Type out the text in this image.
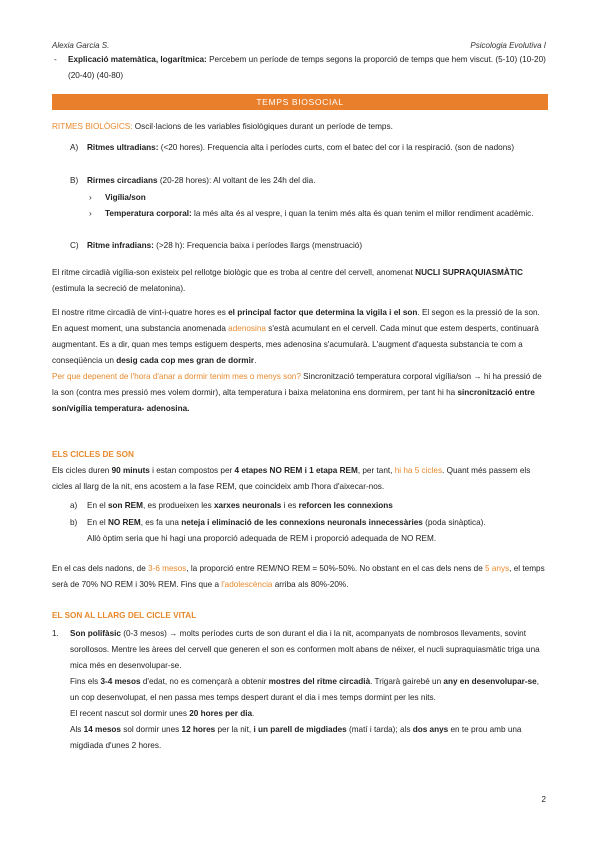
Alexia Garcia S.	Psicologia Evolutiva I
-	Explicació matemàtica, logarítmica: Percebem un període de temps segons la proporció de temps que hem viscut. (5-10) (10-20) (20-40) (40-80)
TEMPS BIOSOCIAL
RITMES BIOLÒGICS: Oscil·lacions de les variables fisiològiques durant un període de temps.
A)	Ritmes ultradians: (<20 hores). Frequencia alta i períodes curts, com el batec del cor i la respiració. (son de nadons)
B)	Rirmes circadians (20-28 hores): Al voltant de les 24h del dia.
›	Vigília/son
›	Temperatura corporal: la més alta és al vespre, i quan la tenim més alta és quan tenim el millor rendiment acadèmic.
C)	Ritme infradians: (>28 h): Frequencia baixa i períodes llargs (menstruació)
El ritme circadià vigília-son existeix pel rellotge biològic que es troba al centre del cervell, anomenat NUCLI SUPRAQUIASMÀTIC (estimula la secreció de melatonina).
El nostre ritme circadià de vint-i-quatre hores es el principal factor que determina la vigila i el son. El segon es la pressió de la son. En aquest moment, una substancia anomenada adenosina s'està acumulant en el cervell. Cada minut que estem desperts, continuarà augmentant. Es a dir, quan mes temps estiguem desperts, mes adenosina s'acumularà. L'augment d'aquesta substancia te com a conseqüència un desig cada cop mes gran de dormir.
Per que depenent de l'hora d'anar a dormir tenim mes o menys son? Sincronització temperatura corporal vigília/son → hi ha pressió de la son (contra mes pressió mes volem dormir), alta temperatura i baixa melatonina ens dormirem, per tant hi ha sincronització entre son/vigília temperatura- adenosina.
ELS CICLES DE SON
Els cicles duren 90 minuts i estan compostos per 4 etapes NO REM i 1 etapa REM, per tant, hi ha 5 cicles. Quant més passem els cicles al llarg de la nit, ens acostem a la fase REM, que coincideix amb l'hora d'aixecar-nos.
a)	En el son REM, es produeixen les xarxes neuronals i es reforcen les connexions
b)	En el NO REM, es fa una neteja i eliminació de les connexions neuronals innecessàries (poda sinàptica).
Allò òptim seria que hi hagi una proporció adequada de REM i proporció adequada de NO REM.
En el cas dels nadons, de 3-6 mesos, la proporció entre REM/NO REM = 50%-50%. No obstant en el cas dels nens de 5 anys, el temps serà de 70% NO REM i 30% REM. Fins que a l'adolescència arriba als 80%-20%.
EL SON AL LLARG DEL CICLE VITAL
1.	Son polifàsic (0-3 mesos) → molts períodes curts de son durant el dia i la nit, acompanyats de nombrosos llevaments, sovint sorollosos. Mentre les àrees del cervell que generen el son es conformen molt abans de néixer, el nucli supraquiasmàtic triga una mica més en desenvolupar-se.
Fins els 3-4 mesos d'edat, no es començarà a obtenir mostres del ritme circadià. Trigarà gairebé un any en desenvolupar-se, un cop desenvolupat, el nen passa mes temps despert durant el dia i mes temps dormint per les nits.
El recent nascut sol dormir unes 20 hores per dia.
Als 14 mesos sol dormir unes 12 hores per la nit, i un parell de migdiades (matí i tarda); als dos anys en te prou amb una migdiada d'unes 2 hores.
2
